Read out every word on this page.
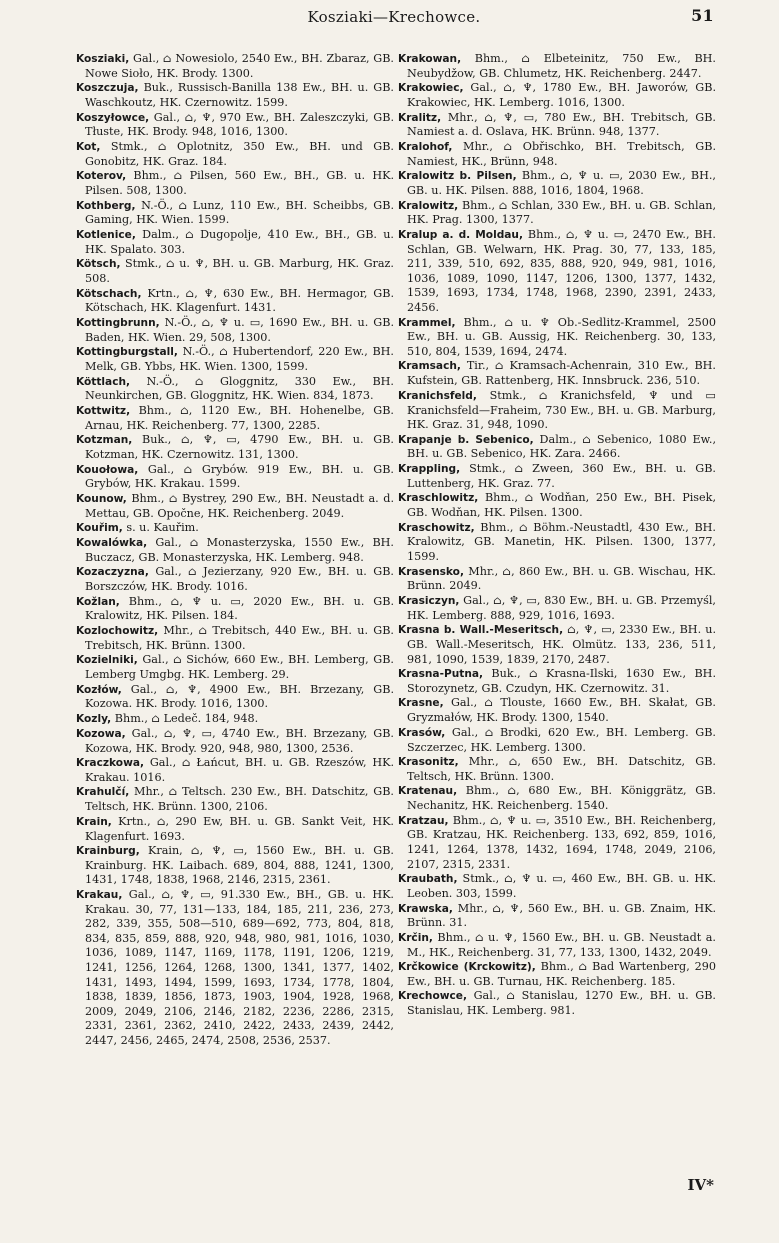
Kosziaki—Krechowce.	51

Kosziaki, Gal., ⌂ Nowesiolo, 2540 Ew., BH. Zbaraz, GB. Nowe Sioło, HK. Brody. 1300.

Koszczuja, Buk., Russisch-Banilla 138 Ew., BH. u. GB. Waschkoutz, HK. Czernowitz. 1599.

Koszyłowce, Gal., ⌂, ♆, 970 Ew., BH. Zaleszczyki, GB. Tłuste, HK. Brody. 948, 1016, 1300.

Kot, Stmk., ⌂ Oplotnitz, 350 Ew., BH. und GB. Gonobitz, HK. Graz. 184.

Koterov, Bhm., ⌂ Pilsen, 560 Ew., BH., GB. u. HK. Pilsen. 508, 1300.

Kothberg, N.-Ö., ⌂ Lunz, 110 Ew., BH. Scheibbs, GB. Gaming, HK. Wien. 1599.

Kotlenice, Dalm., ⌂ Dugopolje, 410 Ew., BH., GB. u. HK. Spalato. 303.

Kötsch, Stmk., ⌂ u. ♆, BH. u. GB. Marburg, HK. Graz. 508.

Kötschach, Krtn., ⌂, ♆, 630 Ew., BH. Hermagor, GB. Kötschach, HK. Klagenfurt. 1431.

Kottingbrunn, N.-Ö., ⌂, ♆ u. ▭, 1690 Ew., BH. u. GB. Baden, HK. Wien. 29, 508, 1300.

Kottingburgstall, N.-Ö., ⌂ Hubertendorf, 220 Ew., BH. Melk, GB. Ybbs, HK. Wien. 1300, 1599.

Köttlach, N.-Ö., ⌂ Gloggnitz, 330 Ew., BH. Neunkirchen, GB. Gloggnitz, HK. Wien. 834, 1873.

Kottwitz, Bhm., ⌂, 1120 Ew., BH. Hohenelbe, GB. Arnau, HK. Reichenberg. 77, 1300, 2285.

Kotzman, Buk., ⌂, ♆, ▭, 4790 Ew., BH. u. GB. Kotzman, HK. Czernowitz. 131, 1300.

Kouołowa, Gal., ⌂ Grybów. 919 Ew., BH. u. GB. Grybów, HK. Krakau. 1599.

Kounow, Bhm., ⌂ Bystrey, 290 Ew., BH. Neustadt a. d. Mettau, GB. Opočne, HK. Reichenberg. 2049.

Kouřim, s. u. Kauřim.

Kowalówka, Gal., ⌂ Monasterzyska, 1550 Ew., BH. Buczacz, GB. Monasterzyska, HK. Lemberg. 948.

Kozaczyzna, Gal., ⌂ Jezierzany, 920 Ew., BH. u. GB. Borszczów, HK. Brody. 1016.

Kožlan, Bhm., ⌂, ♆ u. ▭, 2020 Ew., BH. u. GB. Kralowitz, HK. Pilsen. 184.

Kozlochowitz, Mhr., ⌂ Trebitsch, 440 Ew., BH. u. GB. Trebitsch, HK. Brünn. 1300.

Kozielniki, Gal., ⌂ Sichów, 660 Ew., BH. Lemberg, GB. Lemberg Umgbg. HK. Lemberg. 29.

Kozłów, Gal., ⌂, ♆, 4900 Ew., BH. Brzezany, GB. Kozowa. HK. Brody. 1016, 1300.

Kozly, Bhm., ⌂ Ledeč. 184, 948.

Kozowa, Gal., ⌂, ♆, ▭, 4740 Ew., BH. Brzezany, GB. Kozowa, HK. Brody. 920, 948, 980, 1300, 2536.

Kraczkowa, Gal., ⌂ Łańcut, BH. u. GB. Rzeszów, HK. Krakau. 1016.

Krahulčí, Mhr., ⌂ Teltsch. 230 Ew., BH. Datschitz, GB. Teltsch, HK. Brünn. 1300, 2106.

Krain, Krtn., ⌂, 290 Ew, BH. u. GB. Sankt Veit, HK. Klagenfurt. 1693.

Krainburg, Krain, ⌂, ♆, ▭, 1560 Ew., BH. u. GB. Krainburg. HK. Laibach. 689, 804, 888, 1241, 1300, 1431, 1748, 1838, 1968, 2146, 2315, 2361.

Krakau, Gal., ⌂, ♆, ▭, 91.330 Ew., BH., GB. u. HK. Krakau. 30, 77, 131—133, 184, 185, 211, 236, 273, 282, 339, 355, 508—510, 689—692, 773, 804, 818, 834, 835, 859, 888, 920, 948, 980, 981, 1016, 1030, 1036, 1089, 1147, 1169, 1178, 1191, 1206, 1219, 1241, 1256, 1264, 1268, 1300, 1341, 1377, 1402, 1431, 1493, 1494, 1599, 1693, 1734, 1778, 1804, 1838, 1839, 1856, 1873, 1903, 1904, 1928, 1968, 2009, 2049, 2106, 2146, 2182, 2236, 2286, 2315, 2331, 2361, 2362, 2410, 2422, 2433, 2439, 2442, 2447, 2456, 2465, 2474, 2508, 2536, 2537.

Krakowan, Bhm., ⌂ Elbeteinitz, 750 Ew., BH. Neubydžow, GB. Chlumetz, HK. Reichenberg. 2447.

Krakowiec, Gal., ⌂, ♆, 1780 Ew., BH. Jaworów, GB. Krakowiec, HK. Lemberg. 1016, 1300.

Kralitz, Mhr., ⌂, ♆, ▭, 780 Ew., BH. Trebitsch, GB. Namiest a. d. Oslava, HK. Brünn. 948, 1377.

Kralohof, Mhr., ⌂ Obřischko, BH. Trebitsch, GB. Namiest, HK., Brünn, 948.

Kralowitz b. Pilsen, Bhm., ⌂, ♆ u. ▭, 2030 Ew., BH., GB. u. HK. Pilsen. 888, 1016, 1804, 1968.

Kralowitz, Bhm., ⌂ Schlan, 330 Ew., BH. u. GB. Schlan, HK. Prag. 1300, 1377.

Kralup a. d. Moldau, Bhm., ⌂, ♆ u. ▭, 2470 Ew., BH. Schlan, GB. Welwarn, HK. Prag. 30, 77, 133, 185, 211, 339, 510, 692, 835, 888, 920, 949, 981, 1016, 1036, 1089, 1090, 1147, 1206, 1300, 1377, 1432, 1539, 1693, 1734, 1748, 1968, 2390, 2391, 2433, 2456.

Krammel, Bhm., ⌂ u. ♆ Ob.-Sedlitz-Krammel, 2500 Ew., BH. u. GB. Aussig, HK. Reichenberg. 30, 133, 510, 804, 1539, 1694, 2474.

Kramsach, Tir., ⌂ Kramsach-Achenrain, 310 Ew., BH. Kufstein, GB. Rattenberg, HK. Innsbruck. 236, 510.

Kranichsfeld, Stmk., ⌂ Kranichsfeld, ♆ und ▭ Kranichsfeld—Fraheim, 730 Ew., BH. u. GB. Marburg, HK. Graz. 31, 948, 1090.

Krapanje b. Sebenico, Dalm., ⌂ Sebenico, 1080 Ew., BH. u. GB. Sebenico, HK. Zara. 2466.

Krappling, Stmk., ⌂ Zween, 360 Ew., BH. u. GB. Luttenberg, HK. Graz. 77.

Kraschlowitz, Bhm., ⌂ Wodňan, 250 Ew., BH. Pisek, GB. Wodňan, HK. Pilsen. 1300.

Kraschowitz, Bhm., ⌂ Böhm.-Neustadtl, 430 Ew., BH. Kralowitz, GB. Manetin, HK. Pilsen. 1300, 1377, 1599.

Krasensko, Mhr., ⌂, 860 Ew., BH. u. GB. Wischau, HK. Brünn. 2049.

Krasiczyn, Gal., ⌂, ♆, ▭, 830 Ew., BH. u. GB. Przemyśl, HK. Lemberg. 888, 929, 1016, 1693.

Krasna b. Wall.-Meseritsch, ⌂, ♆, ▭, 2330 Ew., BH. u. GB. Wall.-Meseritsch, HK. Olmütz. 133, 236, 511, 981, 1090, 1539, 1839, 2170, 2487.

Krasna-Putna, Buk., ⌂ Krasna-Ilski, 1630 Ew., BH. Storozynetz, GB. Czudyn, HK. Czernowitz. 31.

Krasne, Gal., ⌂ Tlouste, 1660 Ew., BH. Skałat, GB. Gryzmałów, HK. Brody. 1300, 1540.

Krasów, Gal., ⌂ Brodki, 620 Ew., BH. Lemberg. GB. Szczerzec, HK. Lemberg. 1300.

Krasonitz, Mhr., ⌂, 650 Ew., BH. Datschitz, GB. Teltsch, HK. Brünn. 1300.

Kratenau, Bhm., ⌂, 680 Ew., BH. Königgrätz, GB. Nechanitz, HK. Reichenberg. 1540.

Kratzau, Bhm., ⌂, ♆ u. ▭, 3510 Ew., BH. Reichenberg, GB. Kratzau, HK. Reichenberg. 133, 692, 859, 1016, 1241, 1264, 1378, 1432, 1694, 1748, 2049, 2106, 2107, 2315, 2331.

Kraubath, Stmk., ⌂, ♆ u. ▭, 460 Ew., BH. GB. u. HK. Leoben. 303, 1599.

Krawska, Mhr., ⌂, ♆, 560 Ew., BH. u. GB. Znaim, HK. Brünn. 31.

Krčin, Bhm., ⌂ u. ♆, 1560 Ew., BH. u. GB. Neustadt a. M., HK., Reichenberg. 31, 77, 133, 1300, 1432, 2049.

Krčkowice (Krckowitz), Bhm., ⌂ Bad Wartenberg, 290 Ew., BH. u. GB. Turnau, HK. Reichenberg. 185.

Krechowce, Gal., ⌂ Stanislau, 1270 Ew., BH. u. GB. Stanislau, HK. Lemberg. 981.

IV*
